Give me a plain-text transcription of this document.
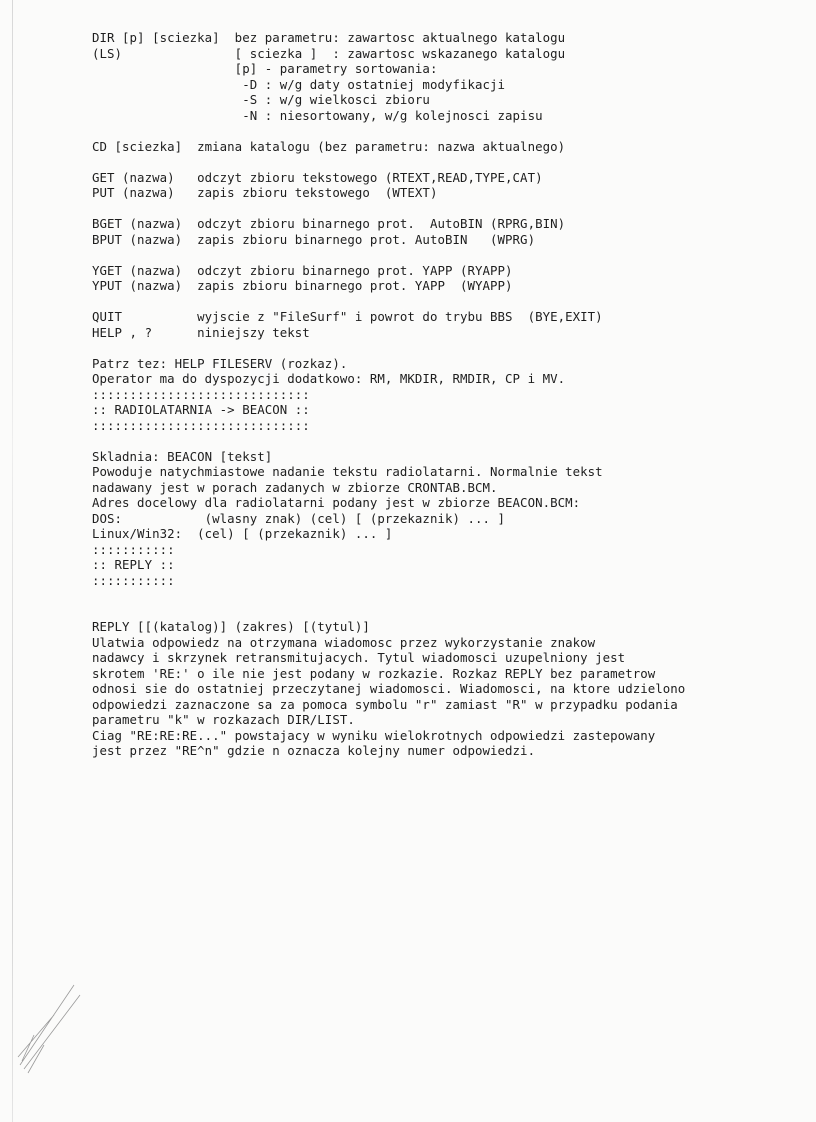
DIR [p] [sciezka]  bez parametru: zawartosc aktualnego katalogu
(LS)               [ sciezka ]  : zawartosc wskazanego katalogu
[p] - parametry sortowania:
-D : w/g daty ostatniej modyfikacji
-S : w/g wielkosci zbioru
-N : niesortowany, w/g kolejnosci zapisu
CD [sciezka]  zmiana katalogu (bez parametru: nazwa aktualnego)
GET (nazwa)   odczyt zbioru tekstowego (RTEXT,READ,TYPE,CAT)
PUT (nazwa)   zapis zbioru tekstowego  (WTEXT)
BGET (nazwa)  odczyt zbioru binarnego prot.  AutoBIN (RPRG,BIN)
BPUT (nazwa)  zapis zbioru binarnego prot. AutoBIN   (WPRG)
YGET (nazwa)  odczyt zbioru binarnego prot. YAPP (RYAPP)
YPUT (nazwa)  zapis zbioru binarnego prot. YAPP  (WYAPP)
QUIT          wyjscie z "FileSurf" i powrot do trybu BBS  (BYE,EXIT)
HELP , ?      niniejszy tekst
Patrz tez: HELP FILESERV (rozkaz).
Operator ma do dyspozycji dodatkowo: RM, MKDIR, RMDIR, CP i MV.
:::::::::::::::::::::::::::::
:: RADIOLATARNIA -> BEACON ::
:::::::::::::::::::::::::::::
Skladnia: BEACON [tekst]
Powoduje natychmiastowe nadanie tekstu radiolatarni. Normalnie tekst
nadawany jest w porach zadanych w zbiorze CRONTAB.BCM.
Adres docelowy dla radiolatarni podany jest w zbiorze BEACON.BCM:
DOS:           (wlasny znak) (cel) [ (przekaznik) ... ]
Linux/Win32:  (cel) [ (przekaznik) ... ]
:::::::::::
:: REPLY ::
:::::::::::
REPLY [[(katalog)] (zakres) [(tytul)]
Ulatwia odpowiedz na otrzymana wiadomosc przez wykorzystanie znakow
nadawcy i skrzynek retransmitujacych. Tytul wiadomosci uzupelniony jest
skrotem 'RE:' o ile nie jest podany w rozkazie. Rozkaz REPLY bez parametrow
odnosi sie do ostatniej przeczytanej wiadomosci. Wiadomosci, na ktore udzielono
odpowiedzi zaznaczone sa za pomoca symbolu "r" zamiast "R" w przypadku podania
parametru "k" w rozkazach DIR/LIST.
Ciag "RE:RE:RE..." powstajacy w wyniku wielokrotnych odpowiedzi zastepowany
jest przez "RE^n" gdzie n oznacza kolejny numer odpowiedzi.
